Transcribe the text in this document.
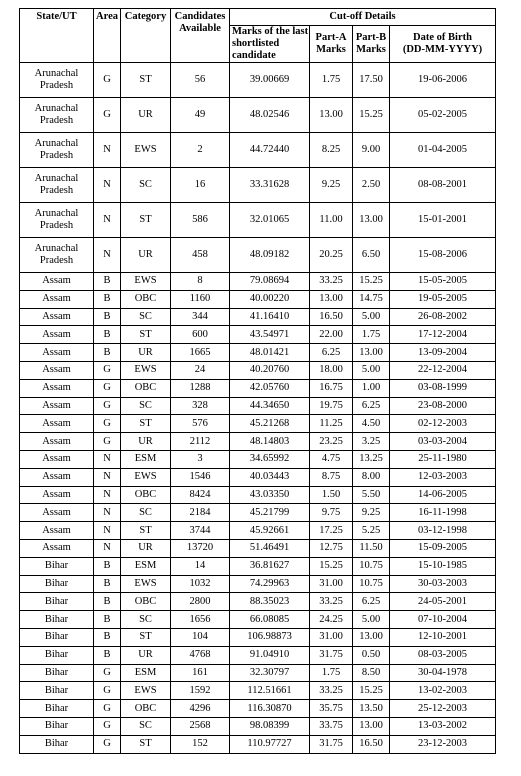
State/UT	Area	Category	Candidates Available	Cut-off Details			
				Marks of the last shortlisted candidate	Part-A Marks	Part-B Marks	Date of Birth
(DD-MM-YYYY)

Arunachal Pradesh	G	ST	56	39.00669	1.75	17.50	19-06-2006
Arunachal Pradesh	G	UR	49	48.02546	13.00	15.25	05-02-2005
Arunachal Pradesh	N	EWS	2	44.72440	8.25	9.00	01-04-2005
Arunachal Pradesh	N	SC	16	33.31628	9.25	2.50	08-08-2001
Arunachal Pradesh	N	ST	586	32.01065	11.00	13.00	15-01-2001
Arunachal Pradesh	N	UR	458	48.09182	20.25	6.50	15-08-2006
Assam	B	EWS	8	79.08694	33.25	15.25	15-05-2005
Assam	B	OBC	1160	40.00220	13.00	14.75	19-05-2005
Assam	B	SC	344	41.16410	16.50	5.00	26-08-2002
Assam	B	ST	600	43.54971	22.00	1.75	17-12-2004
Assam	B	UR	1665	48.01421	6.25	13.00	13-09-2004
Assam	G	EWS	24	40.20760	18.00	5.00	22-12-2004
Assam	G	OBC	1288	42.05760	16.75	1.00	03-08-1999
Assam	G	SC	328	44.34650	19.75	6.25	23-08-2000
Assam	G	ST	576	45.21268	11.25	4.50	02-12-2003
Assam	G	UR	2112	48.14803	23.25	3.25	03-03-2004
Assam	N	ESM	3	34.65992	4.75	13.25	25-11-1980
Assam	N	EWS	1546	40.03443	8.75	8.00	12-03-2003
Assam	N	OBC	8424	43.03350	1.50	5.50	14-06-2005
Assam	N	SC	2184	45.21799	9.75	9.25	16-11-1998
Assam	N	ST	3744	45.92661	17.25	5.25	03-12-1998
Assam	N	UR	13720	51.46491	12.75	11.50	15-09-2005
Bihar	B	ESM	14	36.81627	15.25	10.75	15-10-1985
Bihar	B	EWS	1032	74.29963	31.00	10.75	30-03-2003
Bihar	B	OBC	2800	88.35023	33.25	6.25	24-05-2001
Bihar	B	SC	1656	66.08085	24.25	5.00	07-10-2004
Bihar	B	ST	104	106.98873	31.00	13.00	12-10-2001
Bihar	B	UR	4768	91.04910	31.75	0.50	08-03-2005
Bihar	G	ESM	161	32.30797	1.75	8.50	30-04-1978
Bihar	G	EWS	1592	112.51661	33.25	15.25	13-02-2003
Bihar	G	OBC	4296	116.30870	35.75	13.50	25-12-2003
Bihar	G	SC	2568	98.08399	33.75	13.00	13-03-2002
Bihar	G	ST	152	110.97727	31.75	16.50	23-12-2003
